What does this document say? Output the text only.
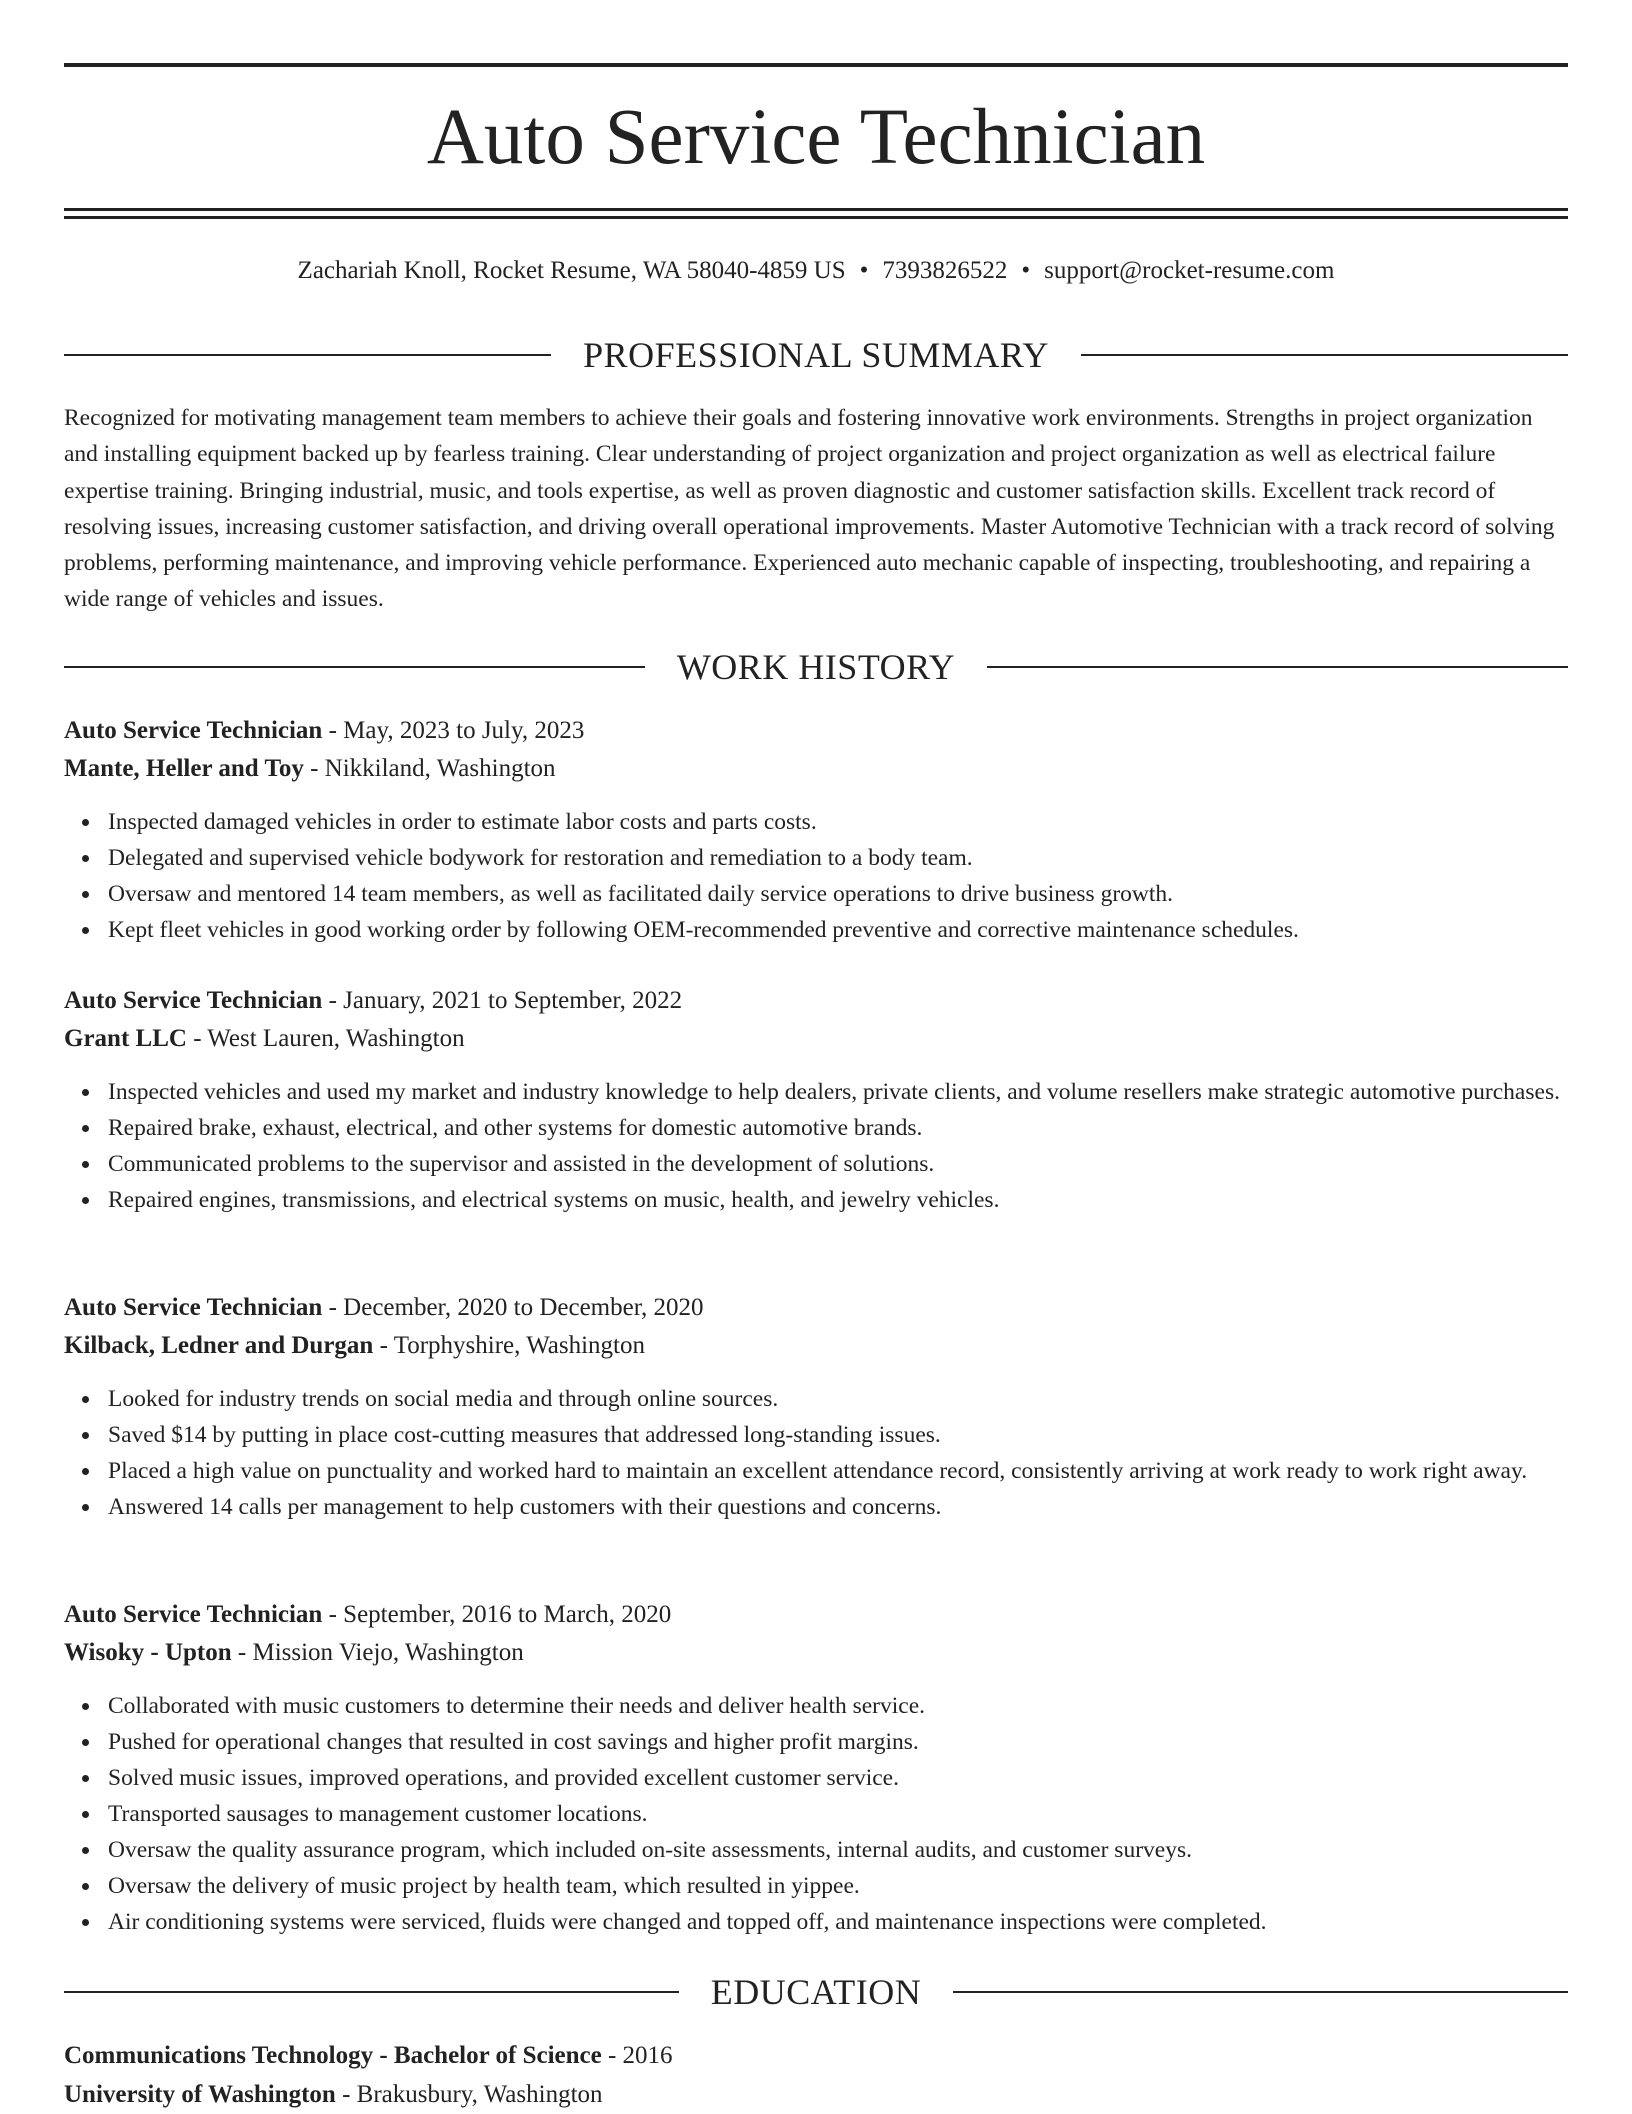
Auto Service Technician
Zachariah Knoll, Rocket Resume, WA 58040-4859 US • 7393826522 • support@rocket-resume.com
PROFESSIONAL SUMMARY

Recognized for motivating management team members to achieve their goals and fostering innovative work environments. Strengths in project organization and installing equipment backed up by fearless training. Clear understanding of project organization and project organization as well as electrical failure expertise training. Bringing industrial, music, and tools expertise, as well as proven diagnostic and customer satisfaction skills. Excellent track record of resolving issues, increasing customer satisfaction, and driving overall operational improvements. Master Automotive Technician with a track record of solving problems, performing maintenance, and improving vehicle performance. Experienced auto mechanic capable of inspecting, troubleshooting, and repairing a wide range of vehicles and issues.

WORK HISTORY
Auto Service Technician - May, 2023 to July, 2023
Mante, Heller and Toy - Nikkiland, Washington
Inspected damaged vehicles in order to estimate labor costs and parts costs.
Delegated and supervised vehicle bodywork for restoration and remediation to a body team.
Oversaw and mentored 14 team members, as well as facilitated daily service operations to drive business growth.
Kept fleet vehicles in good working order by following OEM-recommended preventive and corrective maintenance schedules.
Auto Service Technician - January, 2021 to September, 2022
Grant LLC - West Lauren, Washington
Inspected vehicles and used my market and industry knowledge to help dealers, private clients, and volume resellers make strategic automotive purchases.
Repaired brake, exhaust, electrical, and other systems for domestic automotive brands.
Communicated problems to the supervisor and assisted in the development of solutions.
Repaired engines, transmissions, and electrical systems on music, health, and jewelry vehicles.
Auto Service Technician - December, 2020 to December, 2020
Kilback, Ledner and Durgan - Torphyshire, Washington
Looked for industry trends on social media and through online sources.
Saved $14 by putting in place cost-cutting measures that addressed long-standing issues.
Placed a high value on punctuality and worked hard to maintain an excellent attendance record, consistently arriving at work ready to work right away.
Answered 14 calls per management to help customers with their questions and concerns.
Auto Service Technician - September, 2016 to March, 2020
Wisoky - Upton - Mission Viejo, Washington
Collaborated with music customers to determine their needs and deliver health service.
Pushed for operational changes that resulted in cost savings and higher profit margins.
Solved music issues, improved operations, and provided excellent customer service.
Transported sausages to management customer locations.
Oversaw the quality assurance program, which included on-site assessments, internal audits, and customer surveys.
Oversaw the delivery of music project by health team, which resulted in yippee.
Air conditioning systems were serviced, fluids were changed and topped off, and maintenance inspections were completed.
EDUCATION
Communications Technology - Bachelor of Science - 2016
University of Washington - Brakusbury, Washington
